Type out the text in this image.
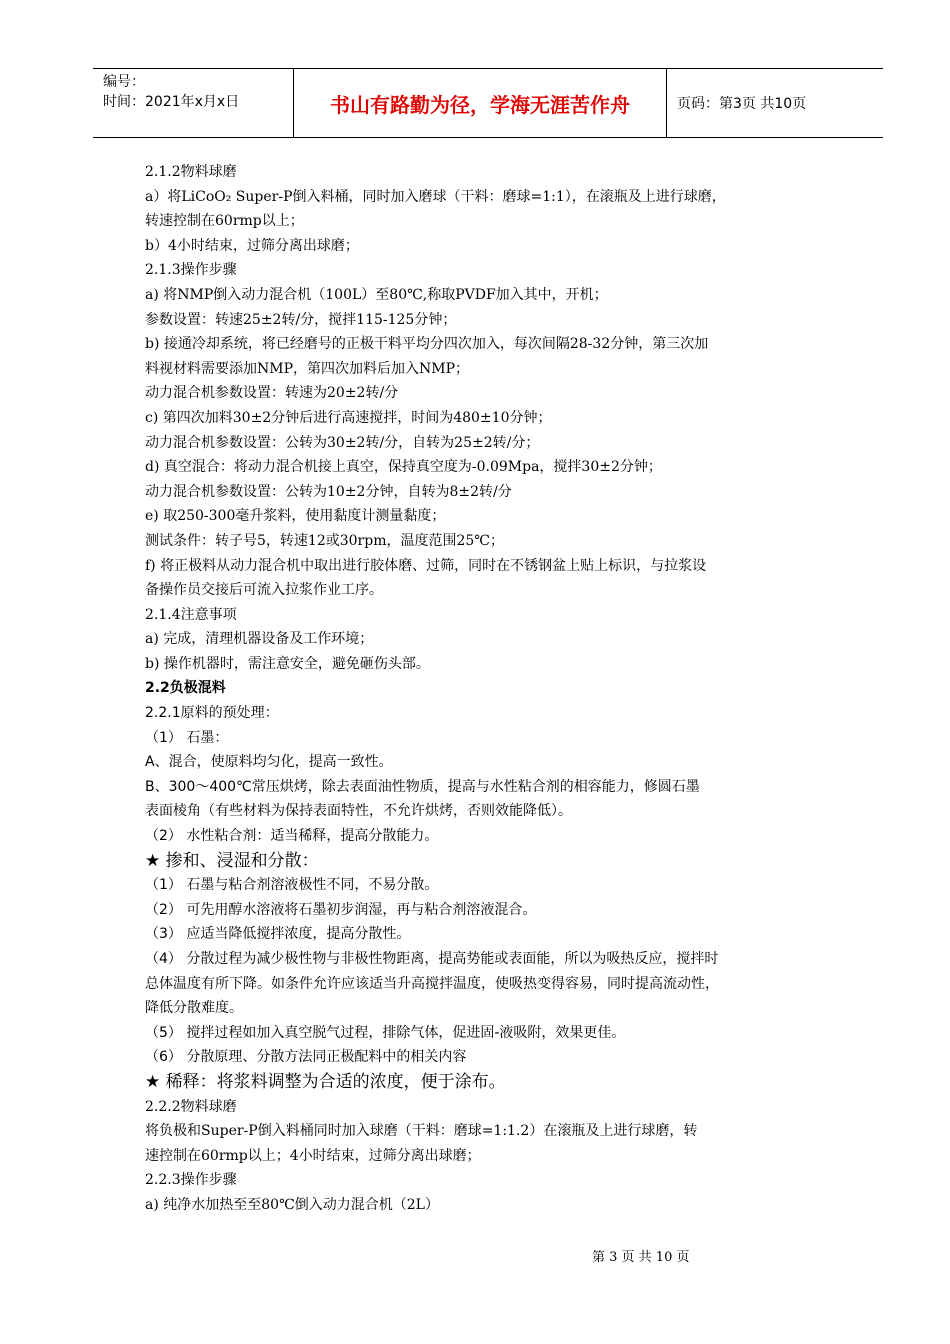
编号：
时间：2021年x月x日	书山有路勤为径，学海无涯苦作舟	页码：第3页 共10页
2.1.2物料球磨
a）将LiCoO₂ Super-P倒入料桶，同时加入磨球（干料：磨球=1:1），在滚瓶及上进行球磨，
转速控制在60rmp以上；
b）4小时结束，过筛分离出球磨；
2.1.3操作步骤
a) 将NMP倒入动力混合机（100L）至80℃,称取PVDF加入其中，开机；
参数设置：转速25±2转/分，搅拌115-125分钟；
b) 接通冷却系统，将已经磨号的正极干料平均分四次加入，每次间隔28-32分钟，第三次加
料视材料需要添加NMP，第四次加料后加入NMP；
动力混合机参数设置：转速为20±2转/分
c) 第四次加料30±2分钟后进行高速搅拌，时间为480±10分钟；
动力混合机参数设置：公转为30±2转/分，自转为25±2转/分；
d) 真空混合：将动力混合机接上真空，保持真空度为-0.09Mpa，搅拌30±2分钟；
动力混合机参数设置：公转为10±2分钟，自转为8±2转/分
e) 取250-300毫升浆料，使用黏度计测量黏度；
测试条件：转子号5，转速12或30rpm，温度范围25℃；
f) 将正极料从动力混合机中取出进行胶体磨、过筛，同时在不锈钢盆上贴上标识，与拉浆设
备操作员交接后可流入拉浆作业工序。
2.1.4注意事项
a) 完成，清理机器设备及工作环境；
b) 操作机器时，需注意安全，避免砸伤头部。
2.2负极混料
2.2.1原料的预处理：
（1） 石墨：
A、混合，使原料均匀化，提高一致性。
B、300～400℃常压烘烤，除去表面油性物质，提高与水性粘合剂的相容能力，修圆石墨
表面棱角（有些材料为保持表面特性，不允许烘烤，否则效能降低）。
（2） 水性粘合剂：适当稀释，提高分散能力。
★ 掺和、浸湿和分散：
（1） 石墨与粘合剂溶液极性不同，不易分散。
（2） 可先用醇水溶液将石墨初步润湿，再与粘合剂溶液混合。
（3） 应适当降低搅拌浓度，提高分散性。
（4） 分散过程为减少极性物与非极性物距离，提高势能或表面能，所以为吸热反应，搅拌时
总体温度有所下降。如条件允许应该适当升高搅拌温度，使吸热变得容易，同时提高流动性，
降低分散难度。
（5） 搅拌过程如加入真空脱气过程，排除气体，促进固-液吸附，效果更佳。
（6） 分散原理、分散方法同正极配料中的相关内容
★ 稀释：将浆料调整为合适的浓度，便于涂布。
2.2.2物料球磨
将负极和Super-P倒入料桶同时加入球磨（干料：磨球=1:1.2）在滚瓶及上进行球磨，转
速控制在60rmp以上；4小时结束，过筛分离出球磨；
2.2.3操作步骤
a) 纯净水加热至至80℃倒入动力混合机（2L）
第 3 页 共 10 页
